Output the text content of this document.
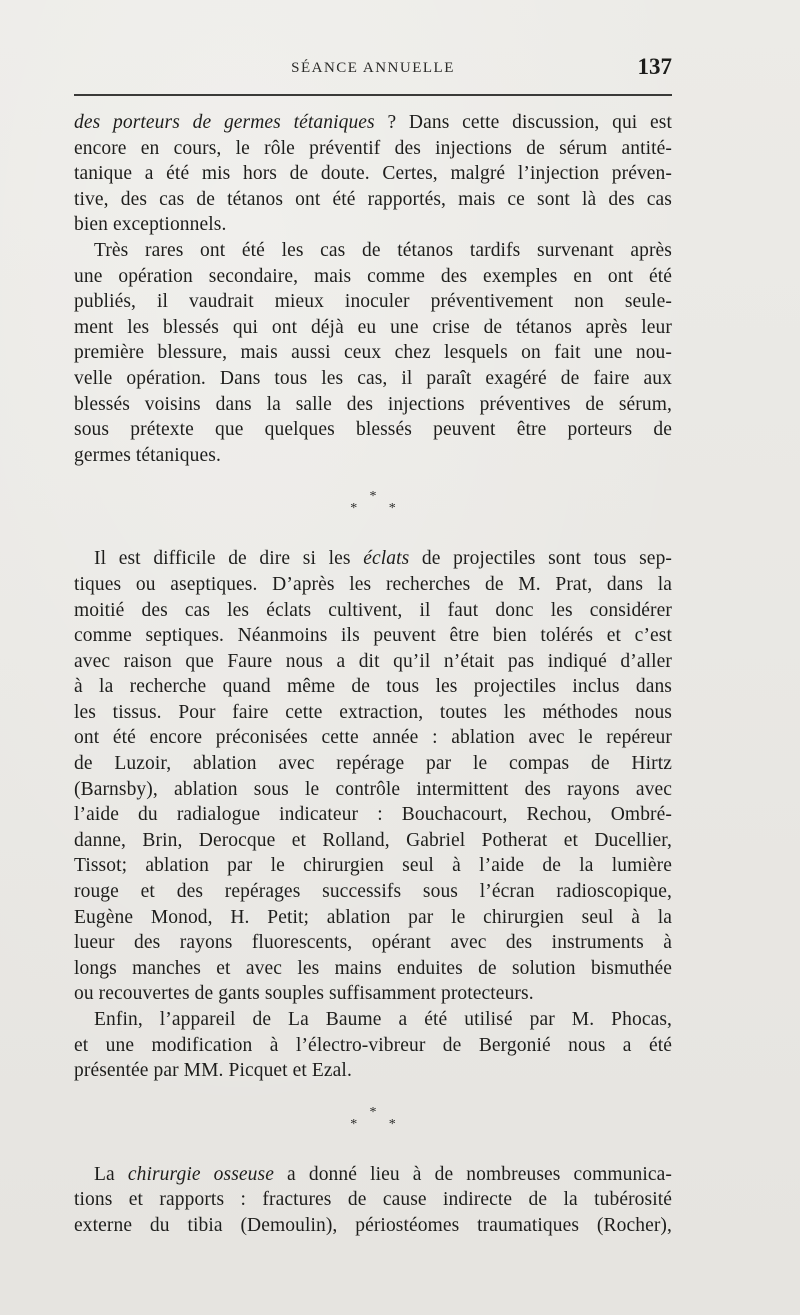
SÉANCE ANNUELLE	137
des porteurs de germes tétaniques ? Dans cette discussion, qui est
encore en cours, le rôle préventif des injections de sérum antité-
tanique a été mis hors de doute. Certes, malgré l’injection préven-
tive, des cas de tétanos ont été rapportés, mais ce sont là des cas
bien exceptionnels.
Très rares ont été les cas de tétanos tardifs survenant après
une opération secondaire, mais comme des exemples en ont été
publiés, il vaudrait mieux inoculer préventivement non seule-
ment les blessés qui ont déjà eu une crise de tétanos après leur
première blessure, mais aussi ceux chez lesquels on fait une nou-
velle opération. Dans tous les cas, il paraît exagéré de faire aux
blessés voisins dans la salle des injections préventives de sérum,
sous prétexte que quelques blessés peuvent être porteurs de
germes tétaniques.
*
* *
Il est difficile de dire si les éclats de projectiles sont tous sep-
tiques ou aseptiques. D’après les recherches de M. Prat, dans la
moitié des cas les éclats cultivent, il faut donc les considérer
comme septiques. Néanmoins ils peuvent être bien tolérés et c’est
avec raison que Faure nous a dit qu’il n’était pas indiqué d’aller
à la recherche quand même de tous les projectiles inclus dans
les tissus. Pour faire cette extraction, toutes les méthodes nous
ont été encore préconisées cette année : ablation avec le repéreur
de Luzoir, ablation avec repérage par le compas de Hirtz
(Barnsby), ablation sous le contrôle intermittent des rayons avec
l’aide du radialogue indicateur : Bouchacourt, Rechou, Ombré-
danne, Brin, Derocque et Rolland, Gabriel Potherat et Ducellier,
Tissot; ablation par le chirurgien seul à l’aide de la lumière
rouge et des repérages successifs sous l’écran radioscopique,
Eugène Monod, H. Petit; ablation par le chirurgien seul à la
lueur des rayons fluorescents, opérant avec des instruments à
longs manches et avec les mains enduites de solution bismuthée
ou recouvertes de gants souples suffisamment protecteurs.
Enfin, l’appareil de La Baume a été utilisé par M. Phocas,
et une modification à l’électro-vibreur de Bergonié nous a été
présentée par MM. Picquet et Ezal.
*
* *
La chirurgie osseuse a donné lieu à de nombreuses communica-
tions et rapports : fractures de cause indirecte de la tubérosité
externe du tibia (Demoulin), périostéomes traumatiques (Rocher),
